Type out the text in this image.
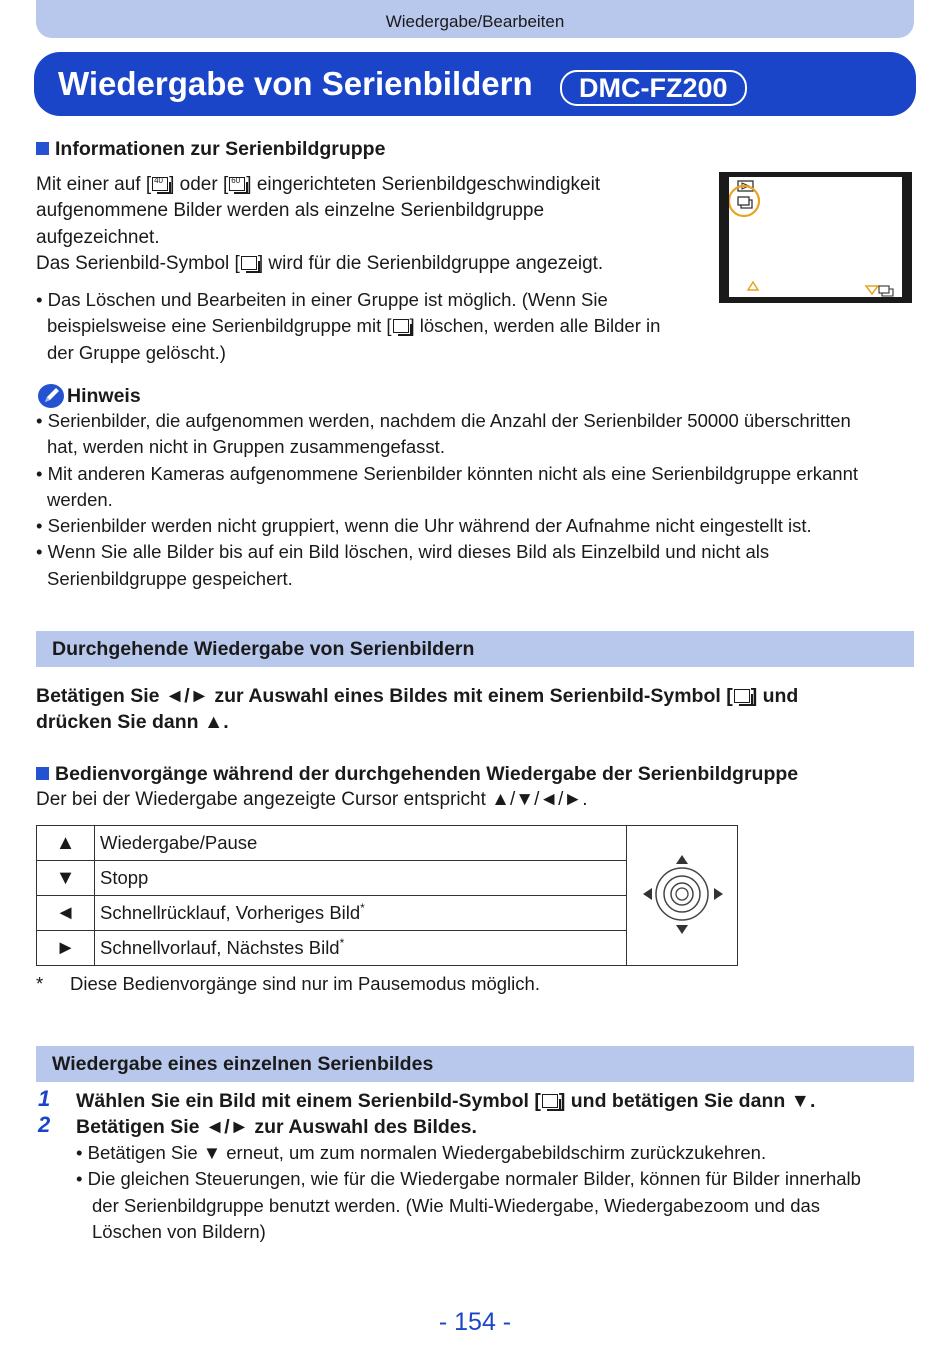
Wiedergabe/Bearbeiten
Wiedergabe von Serienbildern	DMC-FZ200
Informationen zur Serienbildgruppe
Mit einer auf [ 40 ] oder [ 60 ] eingerichteten Serienbildgeschwindigkeit
aufgenommene Bilder werden als einzelne Serienbildgruppe
aufgezeichnet.
Das Serienbild-Symbol [ ] wird für die Serienbildgruppe angezeigt.
• Das Löschen und Bearbeiten in einer Gruppe ist möglich. (Wenn Sie
beispielsweise eine Serienbildgruppe mit [ ] löschen, werden alle Bilder in
der Gruppe gelöscht.)
Hinweis
• Serienbilder, die aufgenommen werden, nachdem die Anzahl der Serienbilder 50000 überschritten
hat, werden nicht in Gruppen zusammengefasst.
• Mit anderen Kameras aufgenommene Serienbilder könnten nicht als eine Serienbildgruppe erkannt
werden.
• Serienbilder werden nicht gruppiert, wenn die Uhr während der Aufnahme nicht eingestellt ist.
• Wenn Sie alle Bilder bis auf ein Bild löschen, wird dieses Bild als Einzelbild und nicht als
Serienbildgruppe gespeichert.
Durchgehende Wiedergabe von Serienbildern
Betätigen Sie ◄/► zur Auswahl eines Bildes mit einem Serienbild-Symbol [ ] und
drücken Sie dann ▲.
Bedienvorgänge während der durchgehenden Wiedergabe der Serienbildgruppe
Der bei der Wiedergabe angezeigte Cursor entspricht ▲/▼/◄/►.
▲	Wiedergabe/Pause	
▼	Stopp	
◄	Schnellrücklauf, Vorheriges Bild*
►	Schnellvorlauf, Nächstes Bild*
* Diese Bedienvorgänge sind nur im Pausemodus möglich.
Wiedergabe eines einzelnen Serienbildes
1 Wählen Sie ein Bild mit einem Serienbild-Symbol [ ] und betätigen Sie dann ▼.
2 Betätigen Sie ◄/► zur Auswahl des Bildes.
• Betätigen Sie ▼ erneut, um zum normalen Wiedergabebildschirm zurückzukehren.
• Die gleichen Steuerungen, wie für die Wiedergabe normaler Bilder, können für Bilder innerhalb
der Serienbildgruppe benutzt werden. (Wie Multi-Wiedergabe, Wiedergabezoom und das
Löschen von Bildern)
- 154 -
